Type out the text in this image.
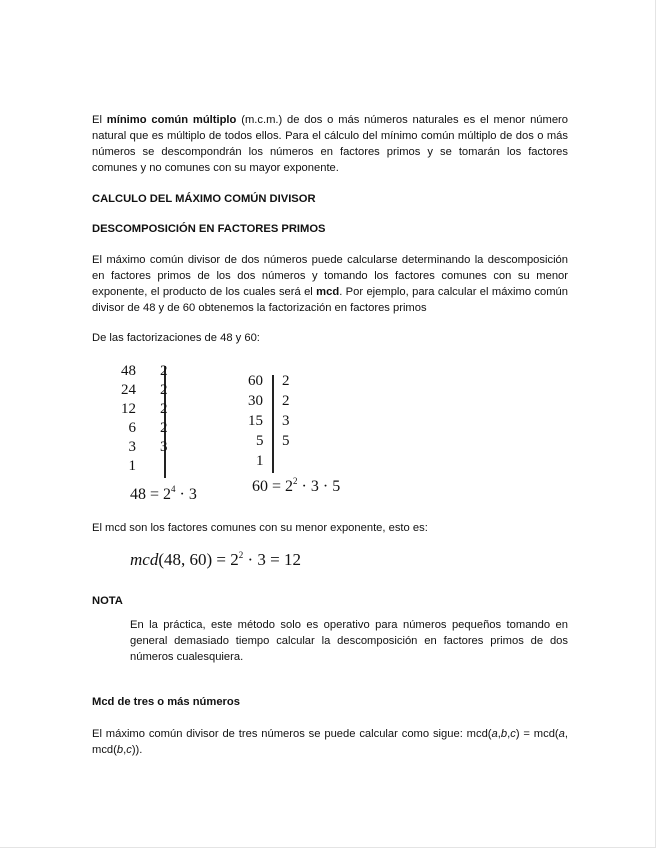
El mínimo común múltiplo (m.c.m.) de dos o más números naturales es el menor número natural que es múltiplo de todos ellos. Para el cálculo del mínimo común múltiplo de dos o más números se descompondrán los números en factores primos y se tomarán los factores comunes y no comunes con su mayor exponente.

CALCULO DEL MÁXIMO COMÚN DIVISOR
DESCOMPOSICIÓN EN FACTORES PRIMOS

El máximo común divisor de dos números puede calcularse determinando la descomposición en factores primos de los dos números y tomando los factores comunes con su menor exponente, el producto de los cuales será el mcd. Por ejemplo, para calcular el máximo común divisor de 48 y de 60 obtenemos la factorización en factores primos

De las factorizaciones de 48 y 60:

48 2
24 2
12 2
6 2
3 3
1
$48 = 2^4 \cdot 3$
60 2
30 2
15 3
5 5
1
$60 = 2^2 \cdot 3 \cdot 5$

El mcd son los factores comunes con su menor exponente, esto es:

mcd(48, $60) = 2^2 \cdot 3 = 12$
NOTA

En la práctica, este método solo es operativo para números pequeños tomando en general demasiado tiempo calcular la descomposición en factores primos de dos números cualesquiera.

Mcd de tres o más números

El máximo común divisor de tres números se puede calcular como sigue: mcd(a,b,c) = mcd(a, mcd(b,c)).
